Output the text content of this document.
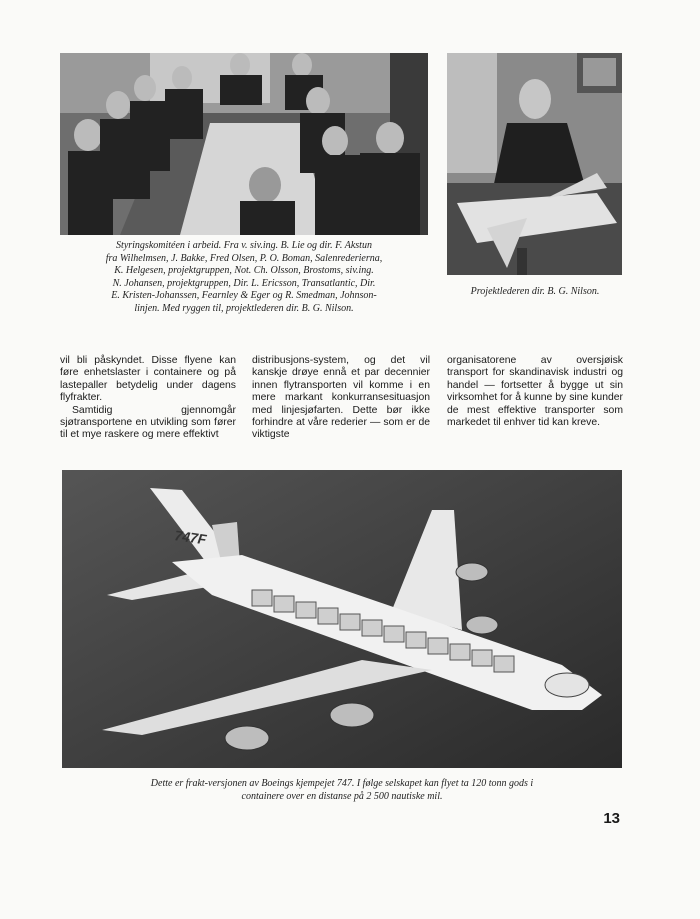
Styringskomitéen i arbeid. Fra v. siv.ing. B. Lie og dir. F. Akstun

fra Wilhelmsen, J. Bakke, Fred Olsen, P. O. Boman, Salenrederierna,

K. Helgesen, projektgruppen, Not. Ch. Olsson, Brostoms, siv.ing.

N. Johansen, projektgruppen, Dir. L. Ericsson, Transatlantic, Dir.

E. Kristen-Johanssen, Fearnley & Eger og R. Smedman, Johnson-

linjen. Med ryggen til, projektlederen dir. B. G. Nilson.

Projektlederen dir. B. G. Nilson.

vil bli påskyndet. Disse flyene kan føre enhetslaster i containere og på lastepaller betydelig under dagens flyfrakter.

Samtidig gjennomgår sjøtransportene en utvikling som fører til et mye raskere og mere effektivt

distribusjons-system, og det vil kanskje drøye ennå et par decennier innen flytransporten vil komme i en mere markant konkurransesituasjon med linjesjøfarten. Dette bør ikke forhindre at våre rederier — som er de viktigste

organisatorene av oversjøisk transport for skandinavisk industri og handel — fortsetter å bygge ut sin virksomhet for å kunne by sine kunder de mest effektive transporter som markedet til enhver tid kan kreve.

747F

Dette er frakt-versjonen av Boeings kjempejet 747. I følge selskapet kan flyet ta 120 tonn gods i

containere over en distanse på 2 500 nautiske mil.

13
